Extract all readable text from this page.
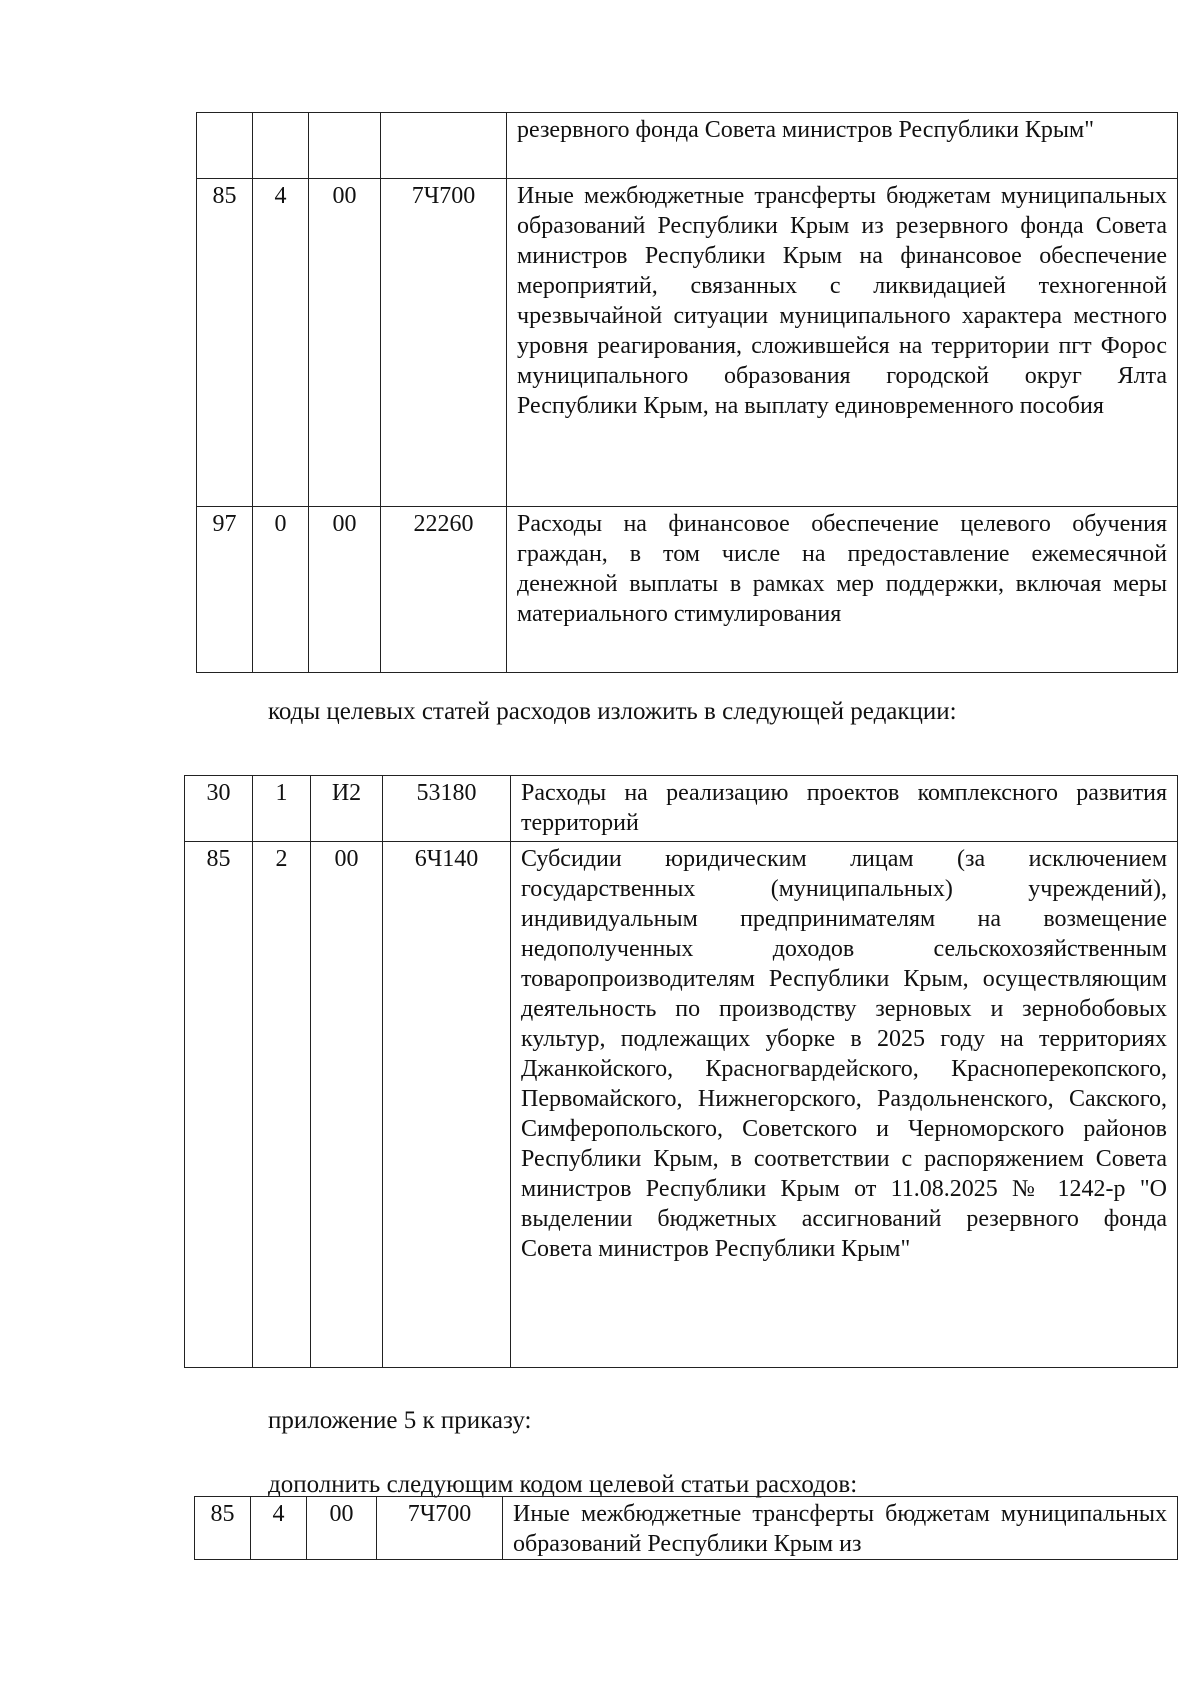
				резервного фонда Совета министров Республики Крым"
85	4	00	7Ч700	Иные межбюджетные трансферты бюджетам муниципальных образований Республики Крым из резервного фонда Совета министров Республики Крым на финансовое обеспечение мероприятий, связанных с ликвидацией техногенной чрезвычайной ситуации муниципального характера местного уровня реагирования, сложившейся на территории пгт Форос муниципального образования городской округ Ялта Республики Крым, на выплату единовременного пособия
97	0	00	22260	Расходы на финансовое обеспечение целевого обучения граждан, в том числе на предоставление ежемесячной денежной выплаты в рамках мер поддержки, включая меры материального стимулирования

коды целевых статей расходов изложить в следующей редакции:

30	1	И2	53180	Расходы на реализацию проектов комплексного развития территорий
85	2	00	6Ч140	Субсидии юридическим лицам (за исключением государственных (муниципальных) учреждений), индивидуальным предпринимателям на возмещение недополученных доходов сельскохозяйственным товаропроизводителям Республики Крым, осуществляющим деятельность по производству зерновых и зернобобовых культур, подлежащих уборке в 2025 году на территориях Джанкойского, Красногвардейского, Красноперекопского, Первомайского, Нижнегорского, Раздольненского, Сакского, Симферопольского, Советского и Черноморского районов Республики Крым, в соответствии с распоряжением Совета министров Республики Крым от 11.08.2025 № 1242-р "О выделении бюджетных ассигнований резервного фонда Совета министров Республики Крым"

приложение 5 к приказу:

дополнить следующим кодом целевой статьи расходов:

85	4	00	7Ч700	Иные межбюджетные трансферты бюджетам муниципальных образований Республики Крым из
